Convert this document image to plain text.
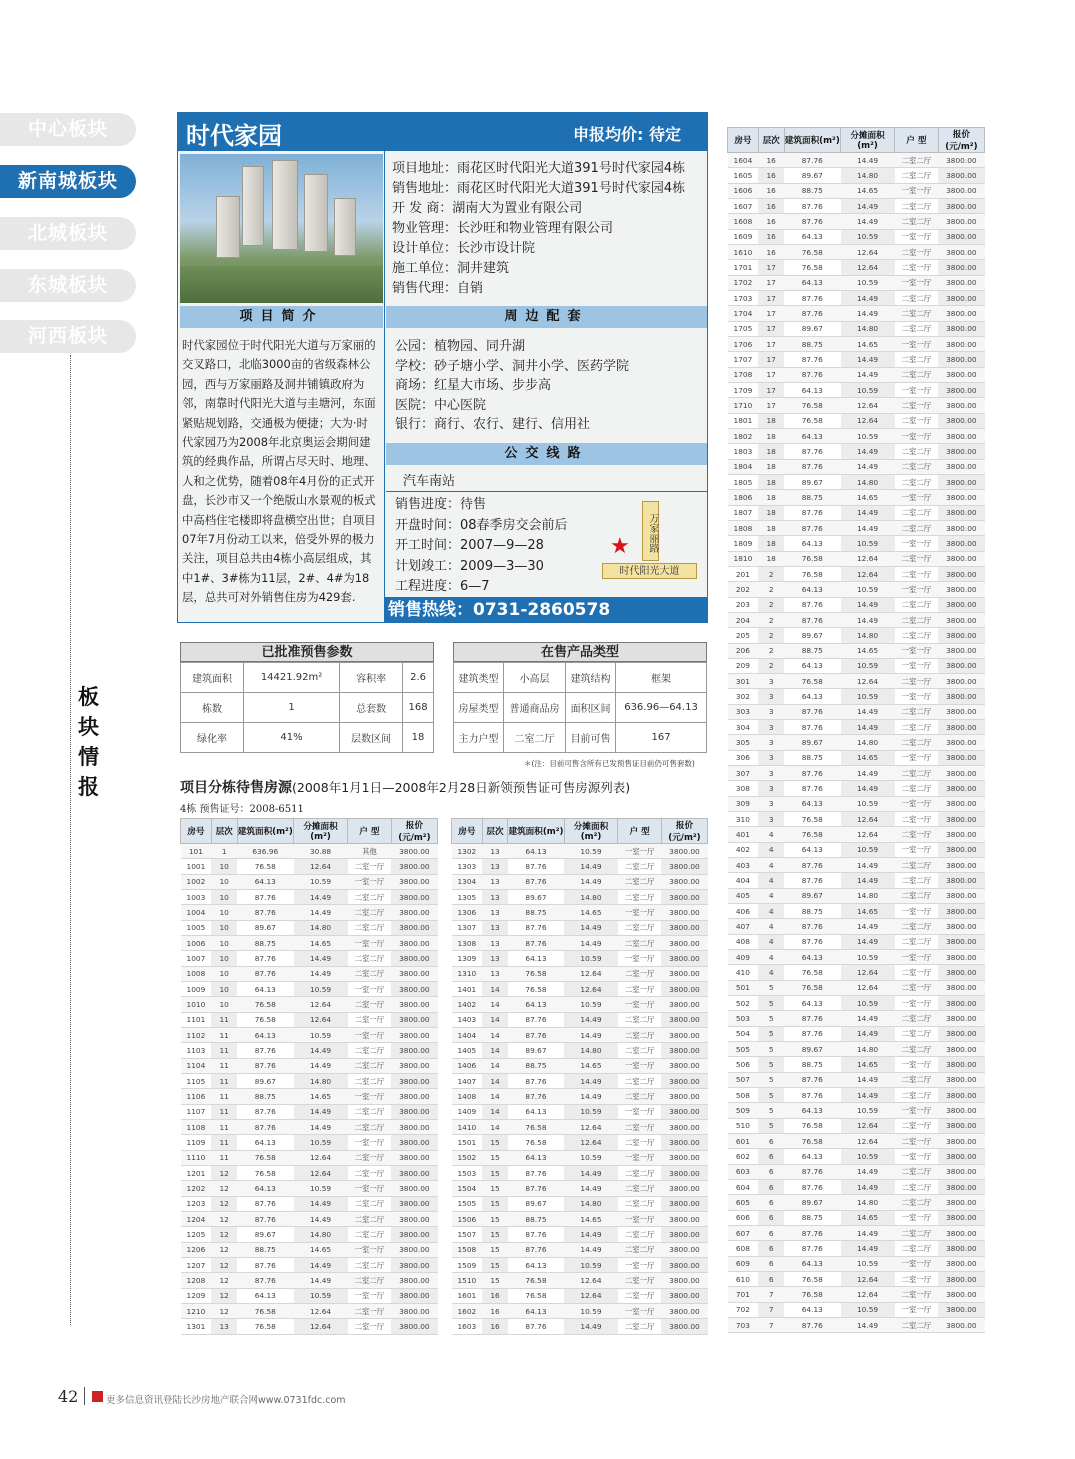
中心板块
新南城板块
北城板块
东城板块
河西板块
板
块
情
报
时代家园	申报均价: 待定
项目地址：雨花区时代阳光大道391号时代家园4栋
销售地址：雨花区时代阳光大道391号时代家园4栋
开 发 商：湖南大为置业有限公司
物业管理：长沙旺和物业管理有限公司
设计单位：长沙市设计院
施工单位：洞井建筑
销售代理：自销
项目简介	周边配套
时代家园位于时代阳光大道与万家丽的交叉路口，北临3000亩的省级森林公园，西与万家丽路及洞井铺镇政府为邻，南靠时代阳光大道与圭塘河，东面紧贴规划路，交通极为便捷；大为·时代家园乃为2008年北京奥运会期间建筑的经典作品，所谓占尽天时、地理、人和之优势，随着08年4月份的正式开盘，长沙市又一个绝版山水景观的板式中高档住宅楼即将盘横空出世；自项目07年7月份动工以来，倍受外界的极力关注，项目总共由4栋小高层组成，其中1#、3#栋为11层，2#、4#为18层，总共可对外销售住房为429套.
公园：植物园、同升湖
学校：砂子塘小学、洞井小学、医药学院
商场：红星大市场、步步高
医院：中心医院
银行：商行、农行、建行、信用社
公交线路
汽车南站
销售进度：待售
开盘时间：08春季房交会前后
开工时间：2007—9—28
计划竣工：2009—3—30
工程进度：6—7
万家丽路
时代阳光大道
★
销售热线：0731-2860578
已批准预售参数
建筑面积	14421.92m²	容积率	2.6
栋数	1	总套数	168
绿化率	41%	层数区间	18
在售产品类型
建筑类型	小高层	建筑结构	框架
房屋类型	普通商品房	面积区间	636.96—64.13
主力户型	二室二厅	目前可售	167
＊(注：目前可售含所有已发预售证目前仍可售套数)
项目分栋待售房源(2008年1月1日—2008年2月28日新领预售证可售房源列表)
4栋 预售证号：2008-6511
房号	层次	建筑面积(m²)	分摊面积(m²)	户 型	报价(元/m²)
101	1	636.96	30.88	其他	3800.00
1001	10	76.58	12.64	二室一厅	3800.00
1002	10	64.13	10.59	一室一厅	3800.00
1003	10	87.76	14.49	二室二厅	3800.00
1004	10	87.76	14.49	二室二厅	3800.00
1005	10	89.67	14.80	二室二厅	3800.00
1006	10	88.75	14.65	一室一厅	3800.00
1007	10	87.76	14.49	二室二厅	3800.00
1008	10	87.76	14.49	二室二厅	3800.00
1009	10	64.13	10.59	一室一厅	3800.00
1010	10	76.58	12.64	二室一厅	3800.00
1101	11	76.58	12.64	二室一厅	3800.00
1102	11	64.13	10.59	一室一厅	3800.00
1103	11	87.76	14.49	二室二厅	3800.00
1104	11	87.76	14.49	二室二厅	3800.00
1105	11	89.67	14.80	二室二厅	3800.00
1106	11	88.75	14.65	一室一厅	3800.00
1107	11	87.76	14.49	二室二厅	3800.00
1108	11	87.76	14.49	二室二厅	3800.00
1109	11	64.13	10.59	一室一厅	3800.00
1110	11	76.58	12.64	二室一厅	3800.00
1201	12	76.58	12.64	二室一厅	3800.00
1202	12	64.13	10.59	一室一厅	3800.00
1203	12	87.76	14.49	二室二厅	3800.00
1204	12	87.76	14.49	二室二厅	3800.00
1205	12	89.67	14.80	二室二厅	3800.00
1206	12	88.75	14.65	一室一厅	3800.00
1207	12	87.76	14.49	二室二厅	3800.00
1208	12	87.76	14.49	二室二厅	3800.00
1209	12	64.13	10.59	一室一厅	3800.00
1210	12	76.58	12.64	二室一厅	3800.00
1301	13	76.58	12.64	二室一厅	3800.00
房号	层次	建筑面积(m²)	分摊面积(m²)	户 型	报价(元/m²)
1302	13	64.13	10.59	一室一厅	3800.00
1303	13	87.76	14.49	二室二厅	3800.00
1304	13	87.76	14.49	二室二厅	3800.00
1305	13	89.67	14.80	二室二厅	3800.00
1306	13	88.75	14.65	一室一厅	3800.00
1307	13	87.76	14.49	二室二厅	3800.00
1308	13	87.76	14.49	二室二厅	3800.00
1309	13	64.13	10.59	一室一厅	3800.00
1310	13	76.58	12.64	二室一厅	3800.00
1401	14	76.58	12.64	二室一厅	3800.00
1402	14	64.13	10.59	一室一厅	3800.00
1403	14	87.76	14.49	二室二厅	3800.00
1404	14	87.76	14.49	二室二厅	3800.00
1405	14	89.67	14.80	二室二厅	3800.00
1406	14	88.75	14.65	一室一厅	3800.00
1407	14	87.76	14.49	二室二厅	3800.00
1408	14	87.76	14.49	二室二厅	3800.00
1409	14	64.13	10.59	一室一厅	3800.00
1410	14	76.58	12.64	二室一厅	3800.00
1501	15	76.58	12.64	二室一厅	3800.00
1502	15	64.13	10.59	一室一厅	3800.00
1503	15	87.76	14.49	二室二厅	3800.00
1504	15	87.76	14.49	二室二厅	3800.00
1505	15	89.67	14.80	二室二厅	3800.00
1506	15	88.75	14.65	一室一厅	3800.00
1507	15	87.76	14.49	二室二厅	3800.00
1508	15	87.76	14.49	二室二厅	3800.00
1509	15	64.13	10.59	一室一厅	3800.00
1510	15	76.58	12.64	二室一厅	3800.00
1601	16	76.58	12.64	二室一厅	3800.00
1602	16	64.13	10.59	一室一厅	3800.00
1603	16	87.76	14.49	二室二厅	3800.00
房号	层次	建筑面积(m²)	分摊面积(m²)	户 型	报价(元/m²)
1604	16	87.76	14.49	二室二厅	3800.00
1605	16	89.67	14.80	二室二厅	3800.00
1606	16	88.75	14.65	一室一厅	3800.00
1607	16	87.76	14.49	二室二厅	3800.00
1608	16	87.76	14.49	二室二厅	3800.00
1609	16	64.13	10.59	一室一厅	3800.00
1610	16	76.58	12.64	二室一厅	3800.00
1701	17	76.58	12.64	二室一厅	3800.00
1702	17	64.13	10.59	一室一厅	3800.00
1703	17	87.76	14.49	二室二厅	3800.00
1704	17	87.76	14.49	二室二厅	3800.00
1705	17	89.67	14.80	二室二厅	3800.00
1706	17	88.75	14.65	一室一厅	3800.00
1707	17	87.76	14.49	二室二厅	3800.00
1708	17	87.76	14.49	二室二厅	3800.00
1709	17	64.13	10.59	一室一厅	3800.00
1710	17	76.58	12.64	二室一厅	3800.00
1801	18	76.58	12.64	二室一厅	3800.00
1802	18	64.13	10.59	一室一厅	3800.00
1803	18	87.76	14.49	二室二厅	3800.00
1804	18	87.76	14.49	二室二厅	3800.00
1805	18	89.67	14.80	二室二厅	3800.00
1806	18	88.75	14.65	一室一厅	3800.00
1807	18	87.76	14.49	二室二厅	3800.00
1808	18	87.76	14.49	二室二厅	3800.00
1809	18	64.13	10.59	一室一厅	3800.00
1810	18	76.58	12.64	二室一厅	3800.00
201	2	76.58	12.64	二室一厅	3800.00
202	2	64.13	10.59	一室一厅	3800.00
203	2	87.76	14.49	二室二厅	3800.00
204	2	87.76	14.49	二室二厅	3800.00
205	2	89.67	14.80	二室二厅	3800.00
206	2	88.75	14.65	一室一厅	3800.00
209	2	64.13	10.59	一室一厅	3800.00
301	3	76.58	12.64	二室一厅	3800.00
302	3	64.13	10.59	一室一厅	3800.00
303	3	87.76	14.49	二室二厅	3800.00
304	3	87.76	14.49	二室二厅	3800.00
305	3	89.67	14.80	二室二厅	3800.00
306	3	88.75	14.65	一室一厅	3800.00
307	3	87.76	14.49	二室二厅	3800.00
308	3	87.76	14.49	二室二厅	3800.00
309	3	64.13	10.59	一室一厅	3800.00
310	3	76.58	12.64	二室一厅	3800.00
401	4	76.58	12.64	二室一厅	3800.00
402	4	64.13	10.59	一室一厅	3800.00
403	4	87.76	14.49	二室二厅	3800.00
404	4	87.76	14.49	二室二厅	3800.00
405	4	89.67	14.80	二室二厅	3800.00
406	4	88.75	14.65	一室一厅	3800.00
407	4	87.76	14.49	二室二厅	3800.00
408	4	87.76	14.49	二室二厅	3800.00
409	4	64.13	10.59	一室一厅	3800.00
410	4	76.58	12.64	二室一厅	3800.00
501	5	76.58	12.64	二室一厅	3800.00
502	5	64.13	10.59	一室一厅	3800.00
503	5	87.76	14.49	二室二厅	3800.00
504	5	87.76	14.49	二室二厅	3800.00
505	5	89.67	14.80	二室二厅	3800.00
506	5	88.75	14.65	一室一厅	3800.00
507	5	87.76	14.49	二室二厅	3800.00
508	5	87.76	14.49	二室二厅	3800.00
509	5	64.13	10.59	一室一厅	3800.00
510	5	76.58	12.64	二室一厅	3800.00
601	6	76.58	12.64	二室一厅	3800.00
602	6	64.13	10.59	一室一厅	3800.00
603	6	87.76	14.49	二室二厅	3800.00
604	6	87.76	14.49	二室二厅	3800.00
605	6	89.67	14.80	二室二厅	3800.00
606	6	88.75	14.65	一室一厅	3800.00
607	6	87.76	14.49	二室二厅	3800.00
608	6	87.76	14.49	二室二厅	3800.00
609	6	64.13	10.59	一室一厅	3800.00
610	6	76.58	12.64	二室一厅	3800.00
701	7	76.58	12.64	二室一厅	3800.00
702	7	64.13	10.59	一室一厅	3800.00
703	7	87.76	14.49	二室二厅	3800.00
42	更多信息资讯登陆长沙房地产联合网www.0731fdc.com
